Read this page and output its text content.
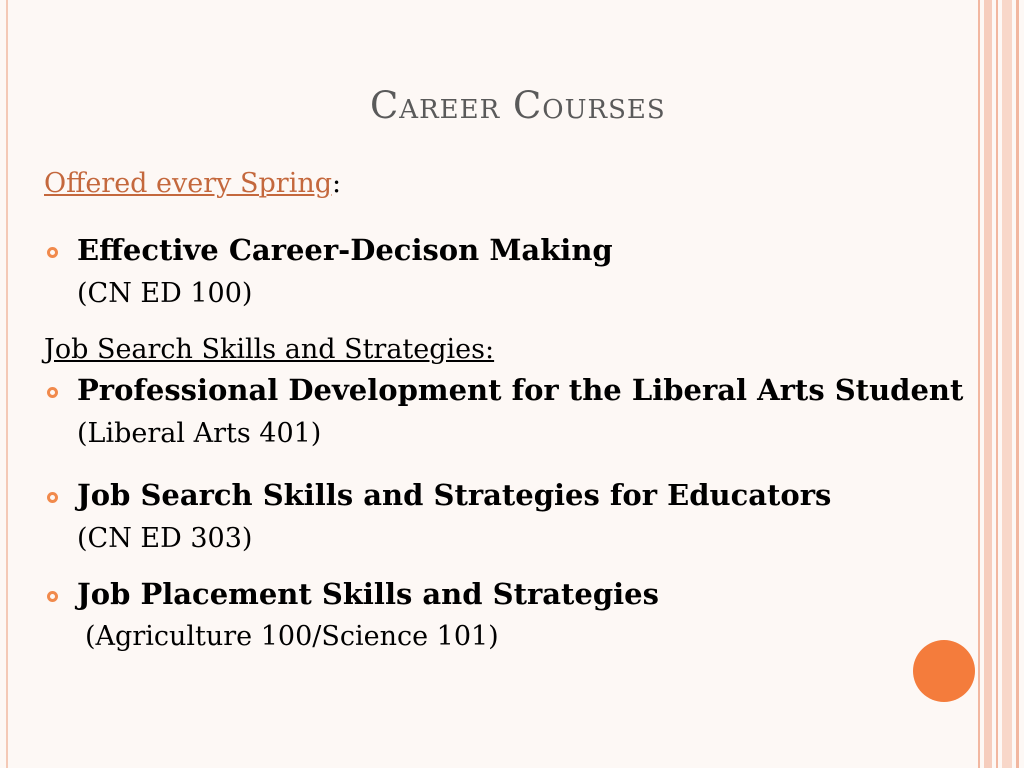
Career Courses

Offered every Spring:

Effective Career-Decison Making

(CN ED 100)

Job Search Skills and Strategies:

Professional Development for the Liberal Arts Student

(Liberal Arts 401)

Job Search Skills and Strategies for Educators

(CN ED 303)

Job Placement Skills and Strategies

(Agriculture 100/Science 101)
